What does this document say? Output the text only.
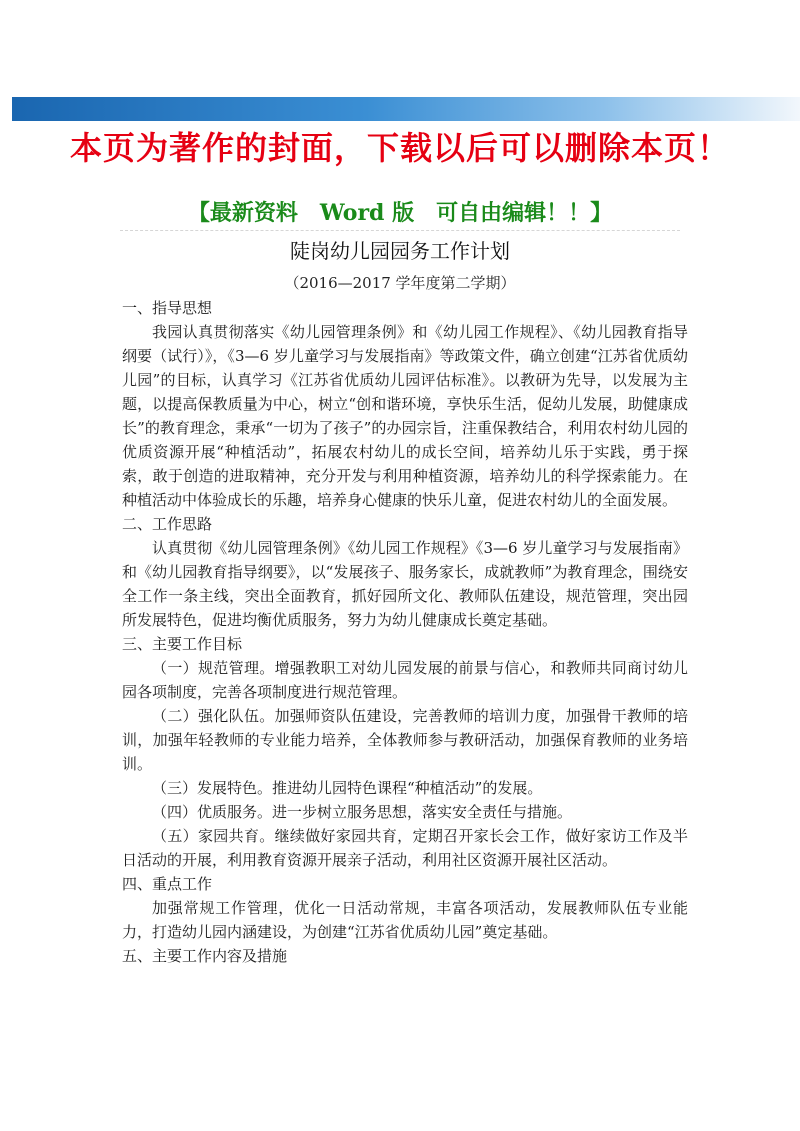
本页为著作的封面，下载以后可以删除本页！
【最新资料　Word 版　可自由编辑！！】
陡岗幼儿园园务工作计划
（2016—2017 学年度第二学期）

一、指导思想

我园认真贯彻落实《幼儿园管理条例》和《幼儿园工作规程》、《幼儿园教育指导纲要（试行）》，《3—6 岁儿童学习与发展指南》等政策文件，确立创建“江苏省优质幼儿园”的目标，认真学习《江苏省优质幼儿园评估标准》。以教研为先导，以发展为主题，以提高保教质量为中心，树立“创和谐环境，享快乐生活，促幼儿发展，助健康成长”的教育理念，秉承“一切为了孩子”的办园宗旨，注重保教结合，利用农村幼儿园的优质资源开展“种植活动”，拓展农村幼儿的成长空间，培养幼儿乐于实践，勇于探索，敢于创造的进取精神，充分开发与利用种植资源，培养幼儿的科学探索能力。在种植活动中体验成长的乐趣，培养身心健康的快乐儿童，促进农村幼儿的全面发展。

二、工作思路

认真贯彻《幼儿园管理条例》《幼儿园工作规程》《3—6 岁儿童学习与发展指南》和《幼儿园教育指导纲要》，以“发展孩子、服务家长，成就教师”为教育理念，围绕安全工作一条主线，突出全面教育，抓好园所文化、教师队伍建设，规范管理，突出园所发展特色，促进均衡优质服务，努力为幼儿健康成长奠定基础。

三、主要工作目标

（一）规范管理。增强教职工对幼儿园发展的前景与信心，和教师共同商讨幼儿园各项制度，完善各项制度进行规范管理。

（二）强化队伍。加强师资队伍建设，完善教师的培训力度，加强骨干教师的培训，加强年轻教师的专业能力培养，全体教师参与教研活动，加强保育教师的业务培训。

（三）发展特色。推进幼儿园特色课程“种植活动”的发展。

（四）优质服务。进一步树立服务思想，落实安全责任与措施。

（五）家园共育。继续做好家园共育，定期召开家长会工作，做好家访工作及半日活动的开展，利用教育资源开展亲子活动，利用社区资源开展社区活动。

四、重点工作

加强常规工作管理，优化一日活动常规，丰富各项活动，发展教师队伍专业能力，打造幼儿园内涵建设，为创建“江苏省优质幼儿园”奠定基础。

五、主要工作内容及措施
